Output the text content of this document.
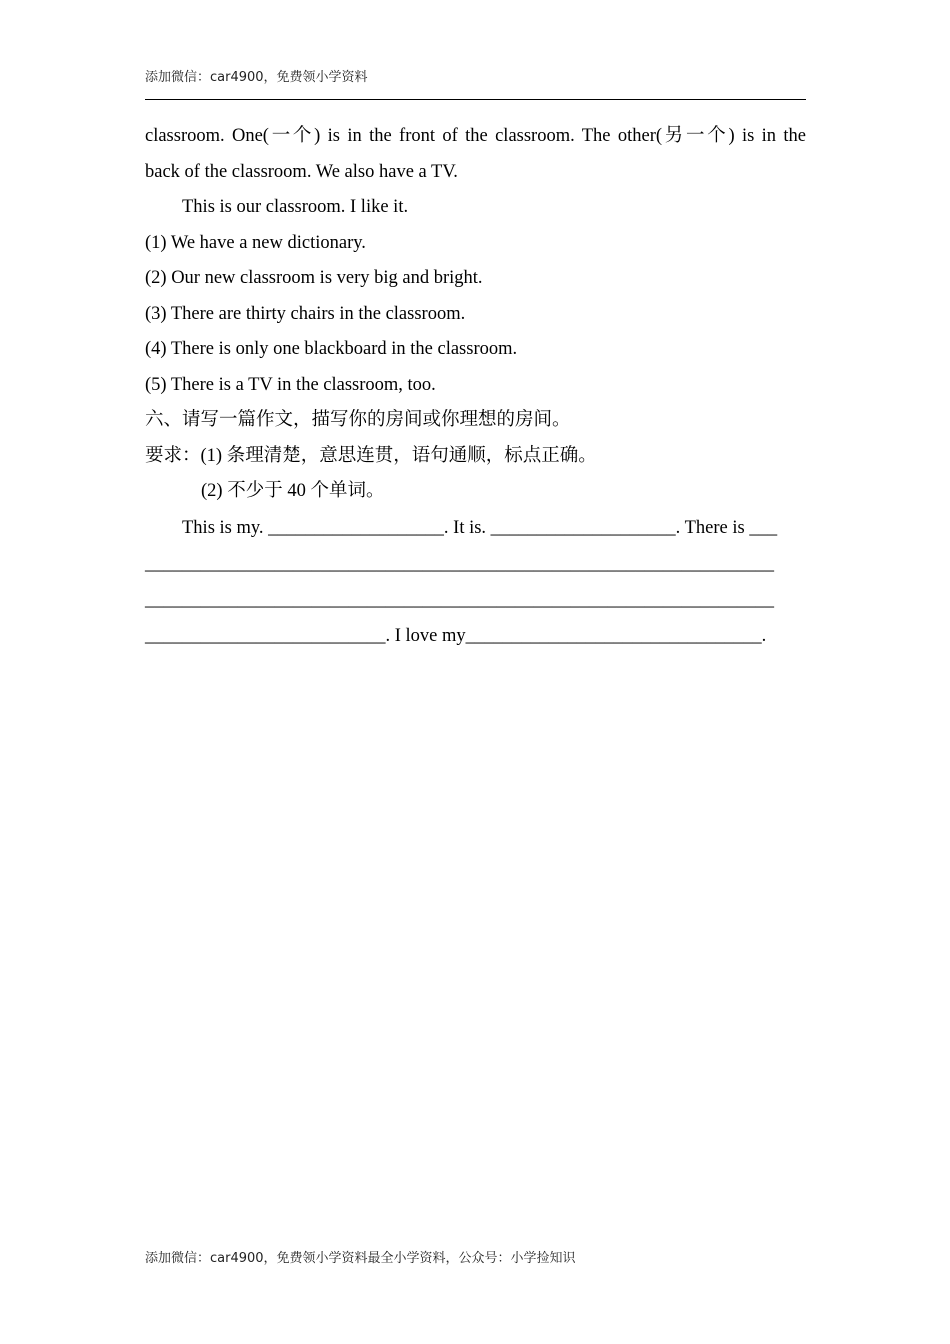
添加微信：car4900，免费领小学资料
classroom. One(一个) is in the front of the classroom. The other(另一个) is in the
back of the classroom. We also have a TV.
This is our classroom. I like it.
(1) We have a new dictionary.
(2) Our new classroom is very big and bright.
(3) There are thirty chairs in the classroom.
(4) There is only one blackboard in the classroom.
(5) There is a TV in the classroom, too.
六、请写一篇作文，描写你的房间或你理想的房间。
要求：(1) 条理清楚，意思连贯，语句通顺，标点正确。
(2) 不少于 40 个单词。
This is my. ___________________. It is. ____________________. There is ___
____________________________________________________________________
____________________________________________________________________
__________________________. I love my________________________________.
添加微信：car4900，免费领小学资料最全小学资料，公众号：小学捡知识
